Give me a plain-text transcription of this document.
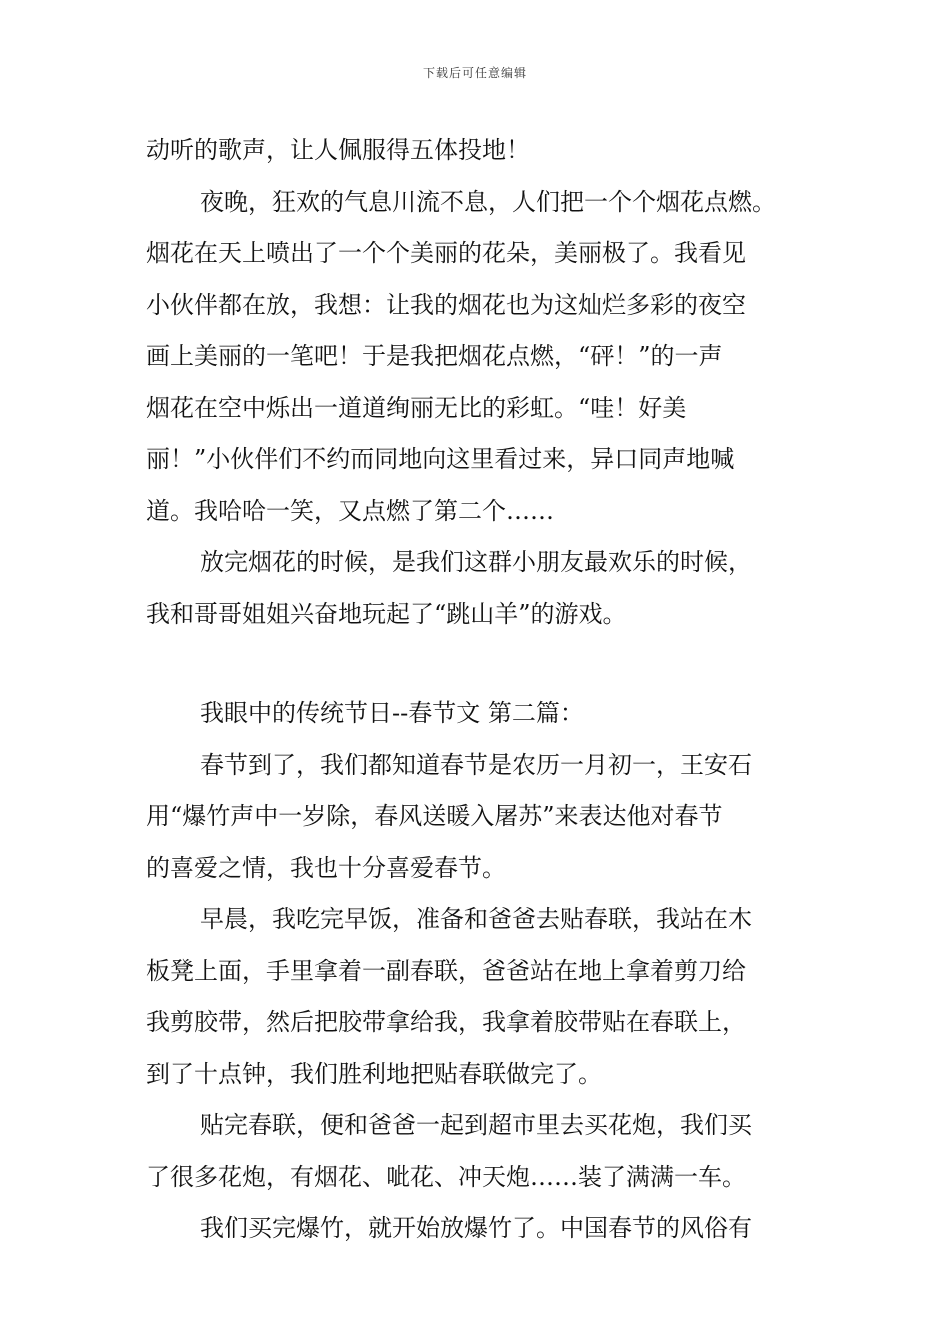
下载后可任意编辑
动听的歌声，让人佩服得五体投地！
夜晚，狂欢的气息川流不息，人们把一个个烟花点燃。
烟花在天上喷出了一个个美丽的花朵，美丽极了。我看见
小伙伴都在放，我想：让我的烟花也为这灿烂多彩的夜空
画上美丽的一笔吧！于是我把烟花点燃，“砰！”的一声
烟花在空中烁出一道道绚丽无比的彩虹。“哇！好美
丽！”小伙伴们不约而同地向这里看过来，异口同声地喊
道。我哈哈一笑，又点燃了第二个……
放完烟花的时候，是我们这群小朋友最欢乐的时候，
我和哥哥姐姐兴奋地玩起了“跳山羊”的游戏。
我眼中的传统节日--春节文 第二篇：
春节到了，我们都知道春节是农历一月初一，王安石
用“爆竹声中一岁除，春风送暖入屠苏”来表达他对春节
的喜爱之情，我也十分喜爱春节。
早晨，我吃完早饭，准备和爸爸去贴春联，我站在木
板凳上面，手里拿着一副春联，爸爸站在地上拿着剪刀给
我剪胶带，然后把胶带拿给我，我拿着胶带贴在春联上，
到了十点钟，我们胜利地把贴春联做完了。
贴完春联，便和爸爸一起到超市里去买花炮，我们买
了很多花炮，有烟花、呲花、冲天炮……装了满满一车。
我们买完爆竹，就开始放爆竹了。中国春节的风俗有
